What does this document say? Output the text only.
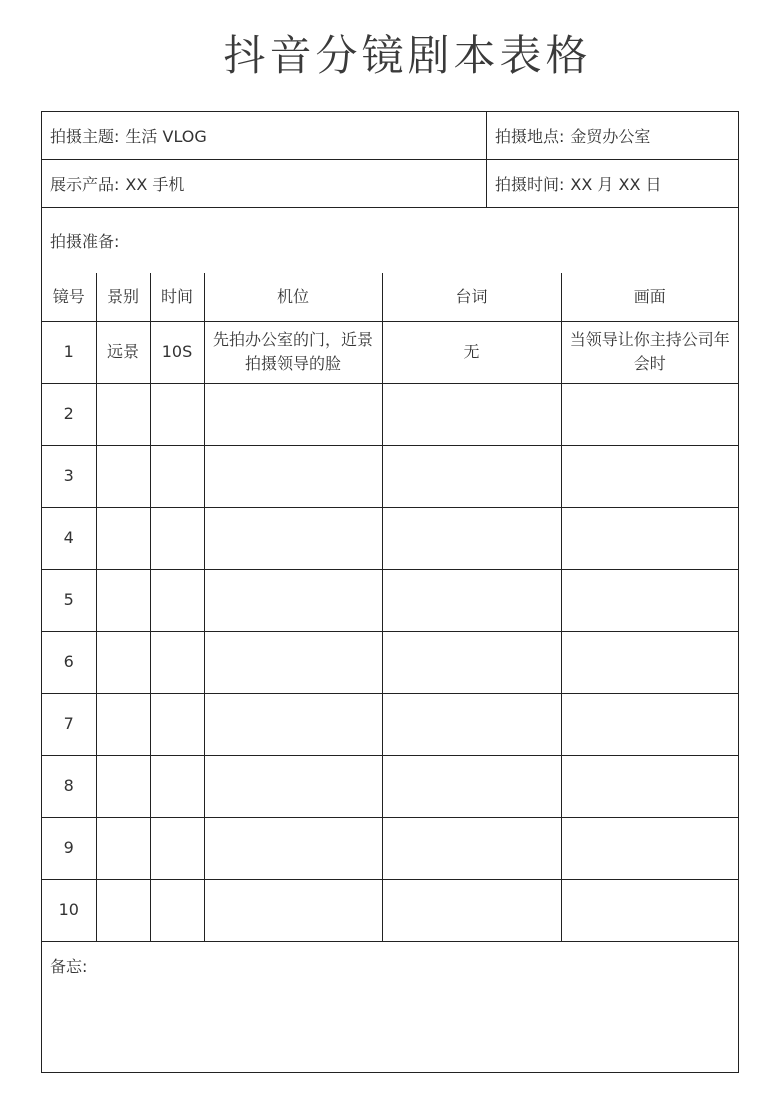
抖音分镜剧本表格
拍摄主题: 生活 VLOG	拍摄地点: 金贸办公室
展示产品: XX 手机	拍摄时间: XX 月 XX 日
拍摄准备:
镜号	景别	时间	机位	台词	画面
1	远景	10S	先拍办公室的门，近景拍摄领导的脸	无	当领导让你主持公司年会时
2					
3					
4					
5					
6					
7					
8					
9					
10					
备忘:
